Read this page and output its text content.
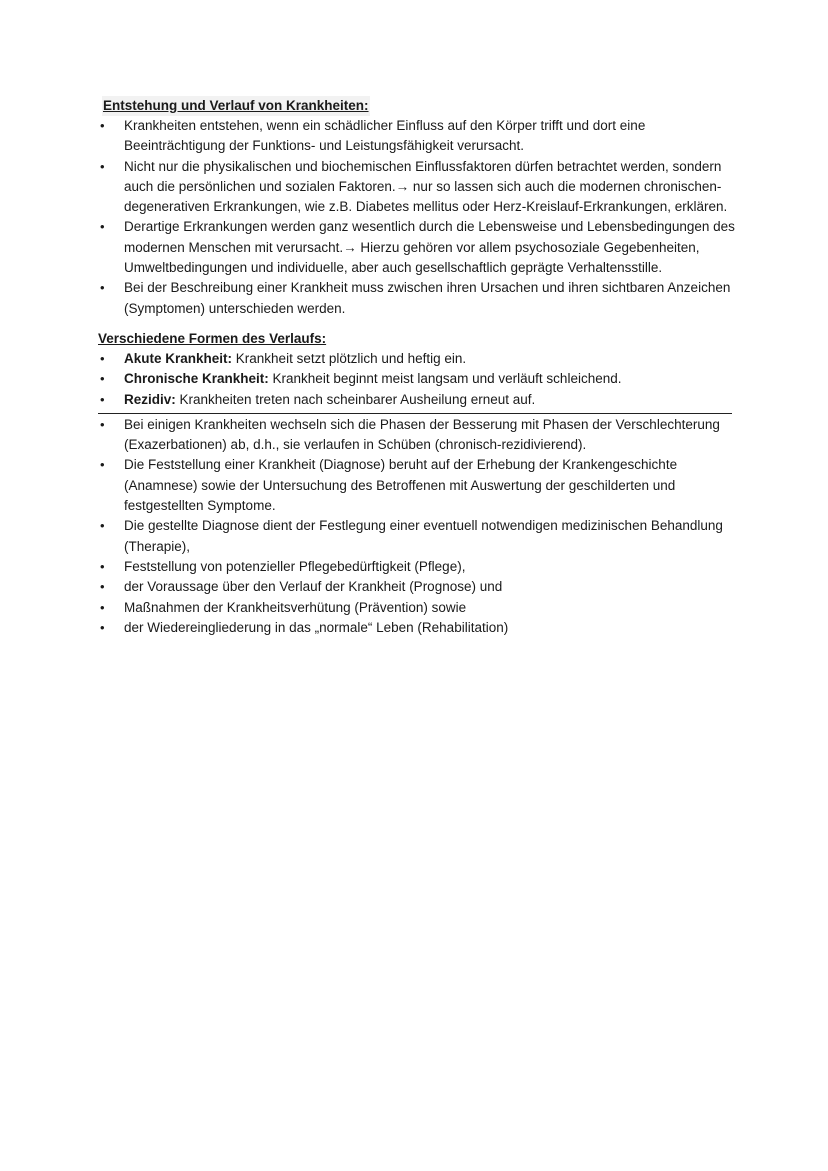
Entstehung und Verlauf von Krankheiten:
• Krankheiten entstehen, wenn ein schädlicher Einfluss auf den Körper trifft und dort eine Beeinträchtigung der Funktions- und Leistungsfähigkeit verursacht.
• Nicht nur die physikalischen und biochemischen Einflussfaktoren dürfen betrachtet werden, sondern auch die persönlichen und sozialen Faktoren.→ nur so lassen sich auch die modernen chronischen-degenerativen Erkrankungen, wie z.B. Diabetes mellitus oder Herz-Kreislauf-Erkrankungen, erklären.
• Derartige Erkrankungen werden ganz wesentlich durch die Lebensweise und Lebensbedingungen des modernen Menschen mit verursacht.→ Hierzu gehören vor allem psychosoziale Gegebenheiten, Umweltbedingungen und individuelle, aber auch gesellschaftlich geprägte Verhaltensstille.
• Bei der Beschreibung einer Krankheit muss zwischen ihren Ursachen und ihren sichtbaren Anzeichen (Symptomen) unterschieden werden.
Verschiedene Formen des Verlaufs:
• Akute Krankheit: Krankheit setzt plötzlich und heftig ein.
• Chronische Krankheit: Krankheit beginnt meist langsam und verläuft schleichend.
• Rezidiv: Krankheiten treten nach scheinbarer Ausheilung erneut auf.
• Bei einigen Krankheiten wechseln sich die Phasen der Besserung mit Phasen der Verschlechterung (Exazerbationen) ab, d.h., sie verlaufen in Schüben (chronisch-rezidivierend).
• Die Feststellung einer Krankheit (Diagnose) beruht auf der Erhebung der Krankengeschichte (Anamnese) sowie der Untersuchung des Betroffenen mit Auswertung der geschilderten und festgestellten Symptome.
• Die gestellte Diagnose dient der Festlegung einer eventuell notwendigen medizinischen Behandlung (Therapie),
• Feststellung von potenzieller Pflegebedürftigkeit (Pflege),
• der Voraussage über den Verlauf der Krankheit (Prognose) und
• Maßnahmen der Krankheitsverhütung (Prävention) sowie
• der Wiedereingliederung in das „normale“ Leben (Rehabilitation)
